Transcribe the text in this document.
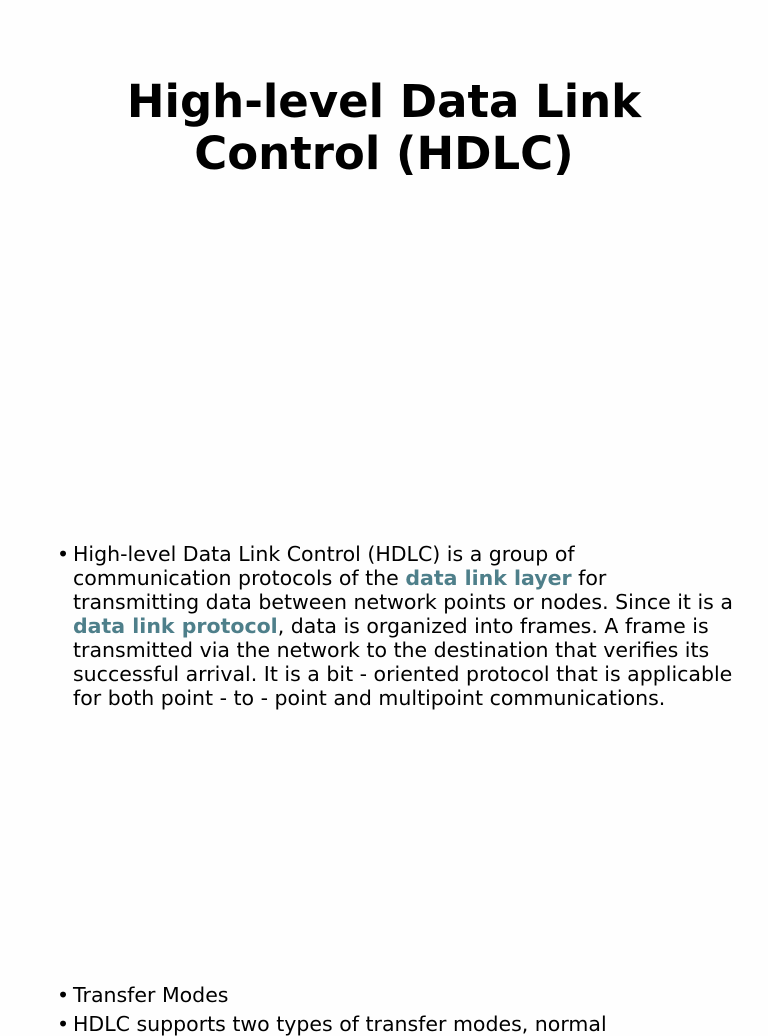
High-level Data Link
Control (HDLC)

• High-level Data Link Control (HDLC) is a group of communication protocols of the data link layer for transmitting data between network points or nodes. Since it is a data link protocol, data is organized into frames. A frame is transmitted via the network to the destination that verifies its successful arrival. It is a bit - oriented protocol that is applicable for both point - to - point and multipoint communications.

• Transfer Modes

• HDLC supports two types of transfer modes, normal
